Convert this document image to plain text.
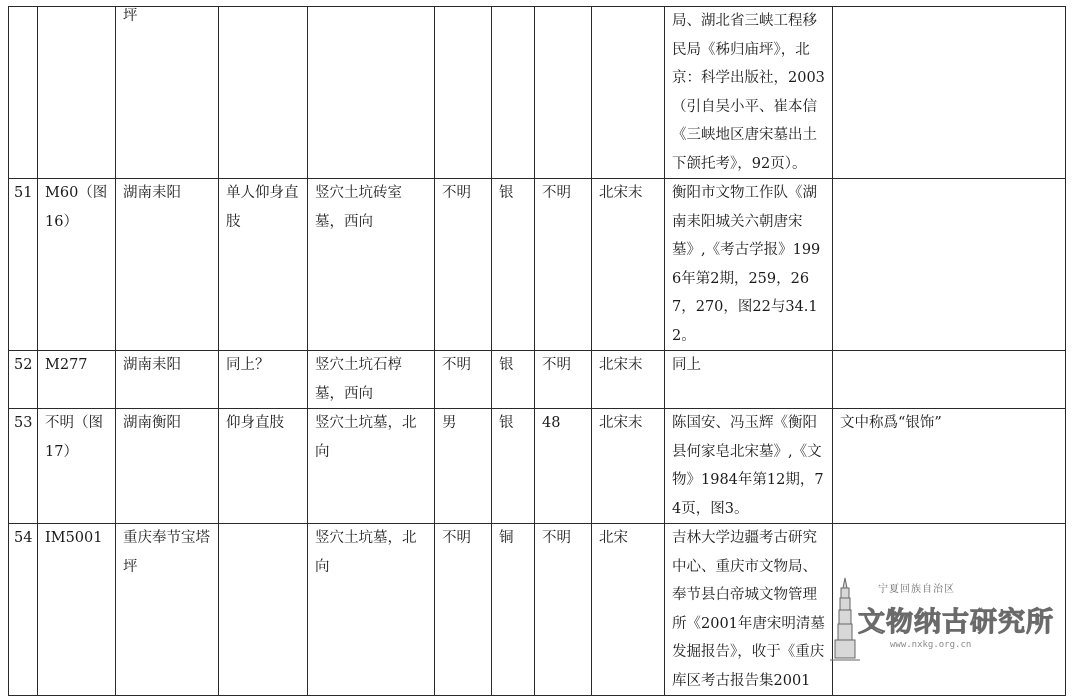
		坪							局、湖北省三峡工程移民局《秭归庙坪》，北京：科学出版社，2003（引自吴小平、崔本信《三峡地区唐宋墓出土下颌托考》，92页）。	
51	M60（图16）	湖南耒阳	单人仰身直肢	竖穴土坑砖室墓，西向	不明	银	不明	北宋末	衡阳市文物工作队《湖南耒阳城关六朝唐宋墓》,《考古学报》1996年第2期，259，267，270，图22与34.12。	
52	M277	湖南耒阳	同上？	竖穴土坑石椁墓，西向	不明	银	不明	北宋末	同上	
53	不明（图17）	湖南衡阳	仰身直肢	竖穴土坑墓，北向	男	银	48	北宋末	陈国安、冯玉辉《衡阳县何家皂北宋墓》,《文物》1984年第12期，74页，图3。	文中称爲“银饰”
54	IM5001	重庆奉节宝塔坪		竖穴土坑墓，北向	不明	铜	不明	北宋	吉林大学边疆考古研究中心、重庆市文物局、奉节县白帝城文物管理所《2001年唐宋明清墓发掘报告》，收于《重庆库区考古报告集2001	
宁夏回族自治区
文物纳古研究所
www.nxkg.org.cn
